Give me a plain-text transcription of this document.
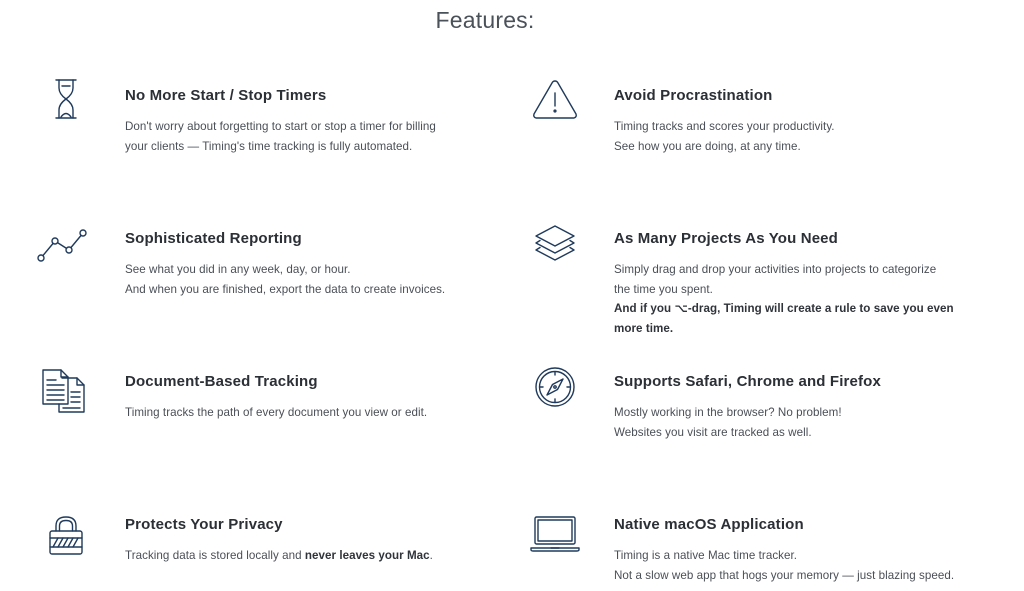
Features:
No More Start / Stop Timers

Don't worry about forgetting to start or stop a timer for billing
your clients — Timing's time tracking is fully automated.

Avoid Procrastination

Timing tracks and scores your productivity.
See how you are doing, at any time.

Sophisticated Reporting

See what you did in any week, day, or hour.
And when you are finished, export the data to create invoices.

As Many Projects As You Need

Simply drag and drop your activities into projects to categorize
the time you spent.
And if you ⌥-drag, Timing will create a rule to save you even
more time.

Document-Based Tracking

Timing tracks the path of every document you view or edit.

Supports Safari, Chrome and Firefox

Mostly working in the browser? No problem!
Websites you visit are tracked as well.

Protects Your Privacy

Tracking data is stored locally and never leaves your Mac.

Native macOS Application

Timing is a native Mac time tracker.
Not a slow web app that hogs your memory — just blazing speed.
